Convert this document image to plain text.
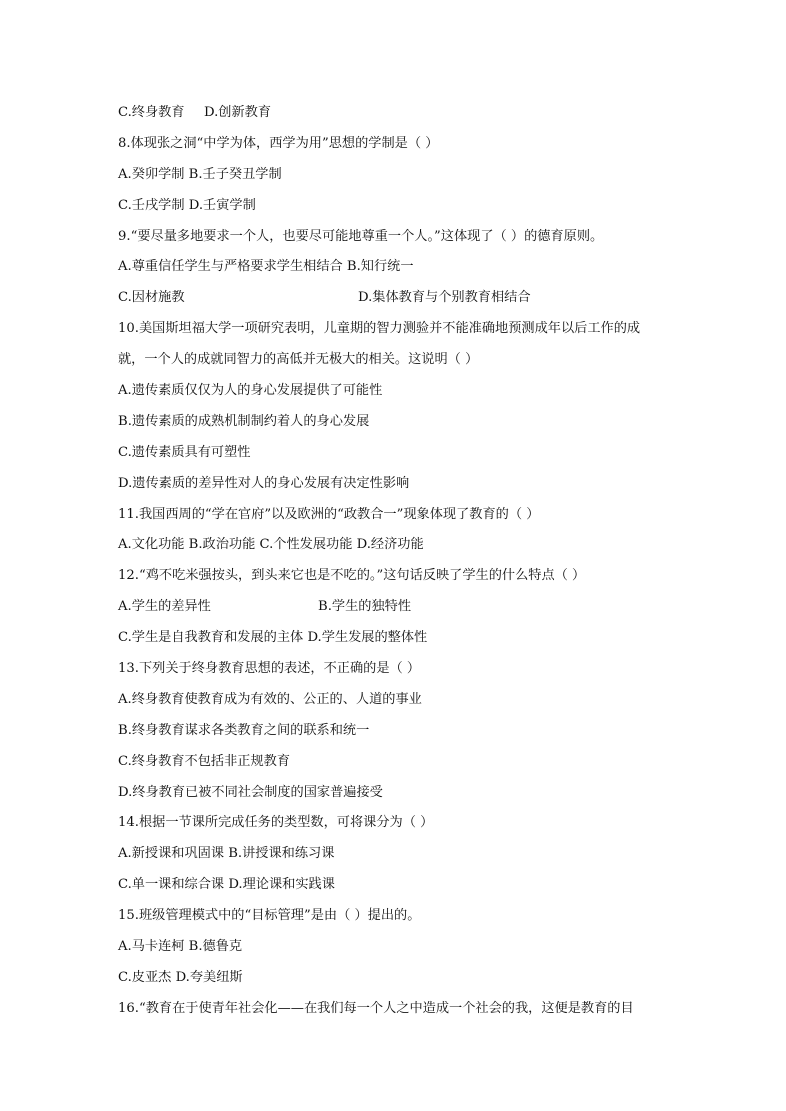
C.终身教育 D.创新教育
8.体现张之洞“中学为体，西学为用”思想的学制是（ ）
A.癸卯学制 B.壬子癸丑学制
C.壬戌学制 D.壬寅学制
9.“要尽量多地要求一个人，也要尽可能地尊重一个人。”这体现了（ ）的德育原则。
A.尊重信任学生与严格要求学生相结合 B.知行统一
C.因材施教	D.集体教育与个别教育相结合
10.美国斯坦福大学一项研究表明，儿童期的智力测验并不能准确地预测成年以后工作的成
就，一个人的成就同智力的高低并无极大的相关。这说明（ ）
A.遗传素质仅仅为人的身心发展提供了可能性
B.遗传素质的成熟机制制约着人的身心发展
C.遗传素质具有可塑性
D.遗传素质的差异性对人的身心发展有决定性影响
11.我国西周的“学在官府”以及欧洲的“政教合一”现象体现了教育的（ ）
A.文化功能 B.政治功能 C.个性发展功能 D.经济功能
12.“鸡不吃米强按头，到头来它也是不吃的。”这句话反映了学生的什么特点（ ）
A.学生的差异性	B.学生的独特性
C.学生是自我教育和发展的主体 D.学生发展的整体性
13.下列关于终身教育思想的表述，不正确的是（ ）
A.终身教育使教育成为有效的、公正的、人道的事业
B.终身教育谋求各类教育之间的联系和统一
C.终身教育不包括非正规教育
D.终身教育已被不同社会制度的国家普遍接受
14.根据一节课所完成任务的类型数，可将课分为（ ）
A.新授课和巩固课 B.讲授课和练习课
C.单一课和综合课 D.理论课和实践课
15.班级管理模式中的“目标管理”是由（ ）提出的。
A.马卡连柯 B.德鲁克
C.皮亚杰 D.夸美纽斯
16.“教育在于使青年社会化——在我们每一个人之中造成一个社会的我，这便是教育的目
